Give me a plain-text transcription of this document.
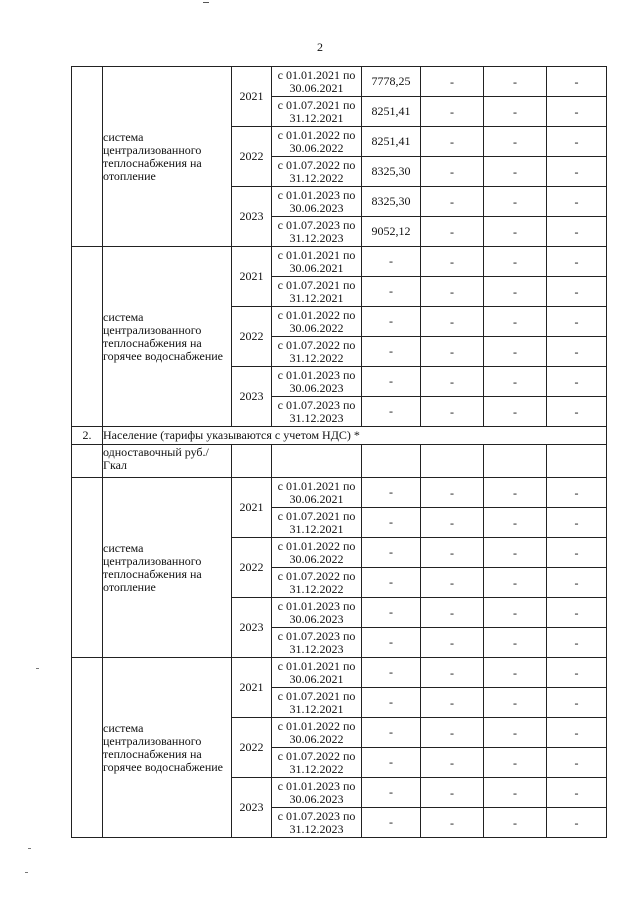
2
	система централизованного теплоснабжения на отопление	2021	с 01.01.2021 по 30.06.2021	7778,25	-	-	-
			с 01.07.2021 по 31.12.2021	8251,41	-	-	-
		2022	с 01.01.2022 по 30.06.2022	8251,41	-	-	-
			с 01.07.2022 по 31.12.2022	8325,30	-	-	-
		2023	с 01.01.2023 по 30.06.2023	8325,30	-	-	-
			с 01.07.2023 по 31.12.2023	9052,12	-	-	-
	система централизованного теплоснабжения на горячее водоснабжение	2021	с 01.01.2021 по 30.06.2021	-	-	-	-
			с 01.07.2021 по 31.12.2021	-	-	-	-
		2022	с 01.01.2022 по 30.06.2022	-	-	-	-
			с 01.07.2022 по 31.12.2022	-	-	-	-
		2023	с 01.01.2023 по 30.06.2023	-	-	-	-
			с 01.07.2023 по 31.12.2023	-	-	-	-
2.	Население (тарифы указываются с учетом НДС) *						
	одноставочный руб./Гкал						
	система централизованного теплоснабжения на отопление	2021	с 01.01.2021 по 30.06.2021	-	-	-	-
			с 01.07.2021 по 31.12.2021	-	-	-	-
		2022	с 01.01.2022 по 30.06.2022	-	-	-	-
			с 01.07.2022 по 31.12.2022	-	-	-	-
		2023	с 01.01.2023 по 30.06.2023	-	-	-	-
			с 01.07.2023 по 31.12.2023	-	-	-	-
	система централизованного теплоснабжения на горячее водоснабжение	2021	с 01.01.2021 по 30.06.2021	-	-	-	-
			с 01.07.2021 по 31.12.2021	-	-	-	-
		2022	с 01.01.2022 по 30.06.2022	-	-	-	-
			с 01.07.2022 по 31.12.2022	-	-	-	-
		2023	с 01.01.2023 по 30.06.2023	-	-	-	-
			с 01.07.2023 по 31.12.2023	-	-	-	-
